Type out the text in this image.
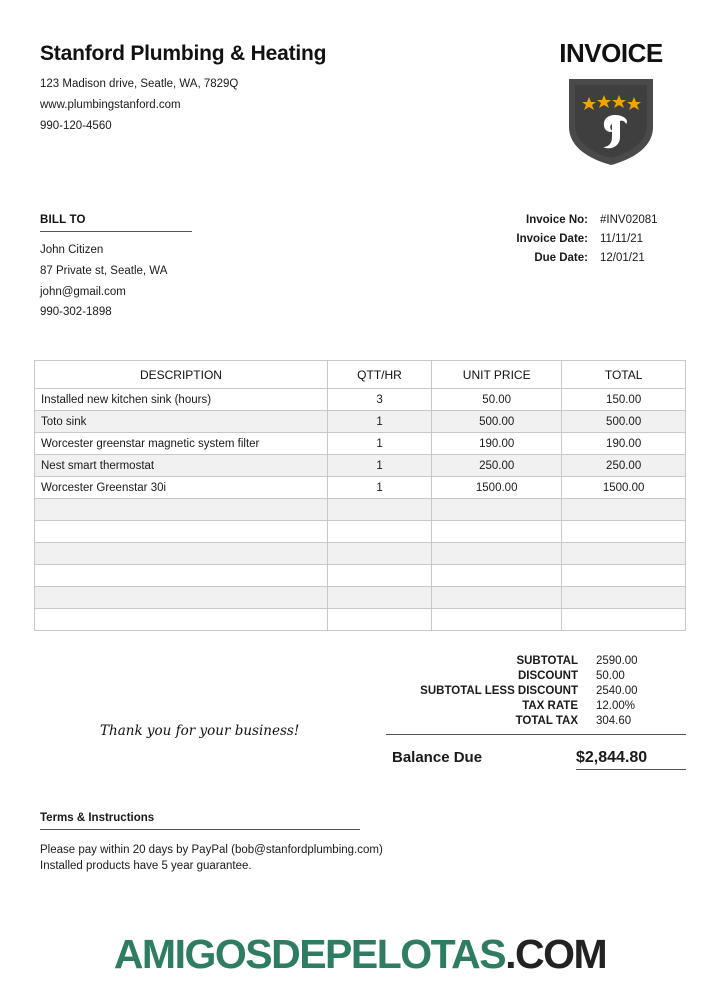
Stanford Plumbing & Heating

123 Madison drive, Seatle, WA, 7829Q

www.plumbingstanford.com

990-120-4560

INVOICE
BILL TO

John Citizen

87 Private st, Seatle, WA

john@gmail.com

990-302-1898

Invoice No: #INV02081
Invoice Date: 11/11/21
Due Date: 12/01/21
DESCRIPTION	QTT/HR	UNIT PRICE	TOTAL
Installed new kitchen sink (hours)	3	50.00	150.00
Toto sink	1	500.00	500.00
Worcester greenstar magnetic system filter	1	190.00	190.00
Nest smart thermostat	1	250.00	250.00
Worcester Greenstar 30i	1	1500.00	1500.00

Thank you for your business!
SUBTOTAL	2590.00
DISCOUNT	50.00
SUBTOTAL LESS DISCOUNT	2540.00
TAX RATE	12.00%
TOTAL TAX	304.60
Balance Due	$2,844.80
Terms & Instructions
Please pay within 20 days by PayPal (bob@stanfordplumbing.com)
Installed products have 5 year guarantee.
AMIGOSDEPELOTAS.COM
